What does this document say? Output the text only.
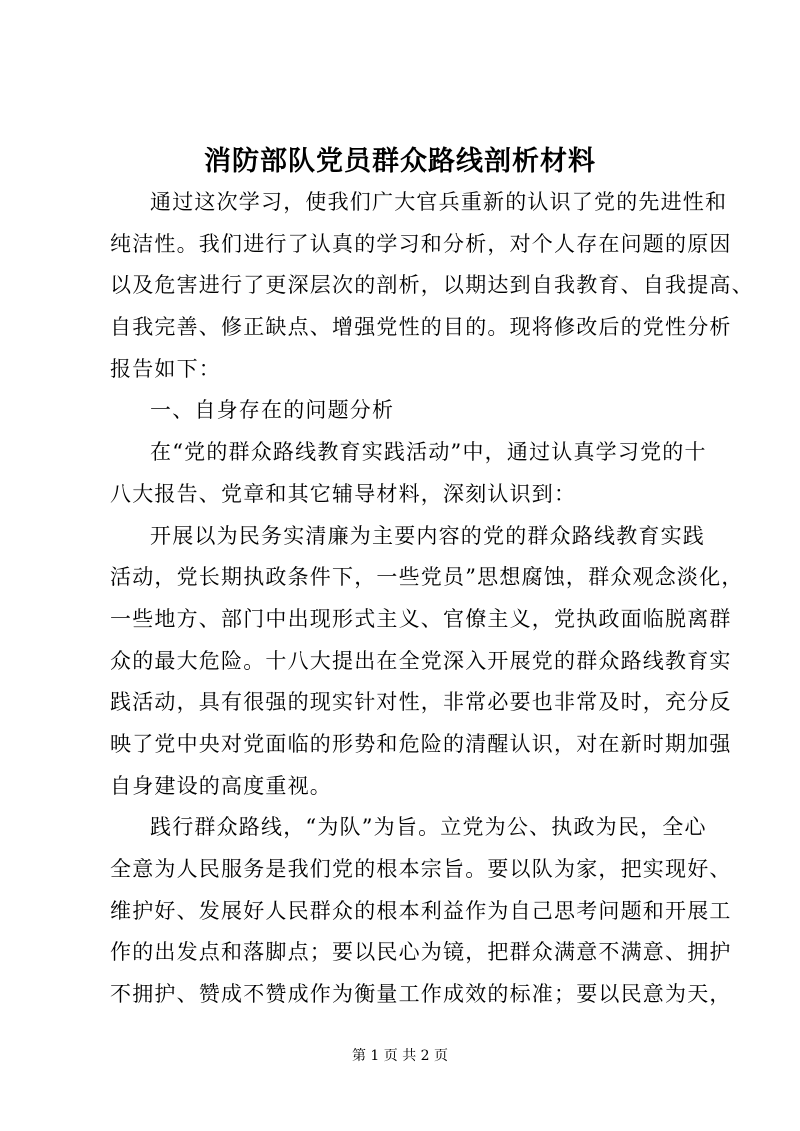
消防部队党员群众路线剖析材料
通过这次学习，使我们广大官兵重新的认识了党的先进性和
纯洁性。我们进行了认真的学习和分析，对个人存在问题的原因
以及危害进行了更深层次的剖析，以期达到自我教育、自我提高、
自我完善、修正缺点、增强党性的目的。现将修改后的党性分析
报告如下：
一、自身存在的问题分析
在“党的群众路线教育实践活动”中，通过认真学习党的十
八大报告、党章和其它辅导材料，深刻认识到：
开展以为民务实清廉为主要内容的党的群众路线教育实践
活动，党长期执政条件下，一些党员”思想腐蚀，群众观念淡化，
一些地方、部门中出现形式主义、官僚主义，党执政面临脱离群
众的最大危险。十八大提出在全党深入开展党的群众路线教育实
践活动，具有很强的现实针对性，非常必要也非常及时，充分反
映了党中央对党面临的形势和危险的清醒认识，对在新时期加强
自身建设的高度重视。
践行群众路线，“为队”为旨。立党为公、执政为民，全心
全意为人民服务是我们党的根本宗旨。要以队为家，把实现好、
维护好、发展好人民群众的根本利益作为自己思考问题和开展工
作的出发点和落脚点；要以民心为镜，把群众满意不满意、拥护
不拥护、赞成不赞成作为衡量工作成效的标准；要以民意为天，
第 1 页 共 2 页
